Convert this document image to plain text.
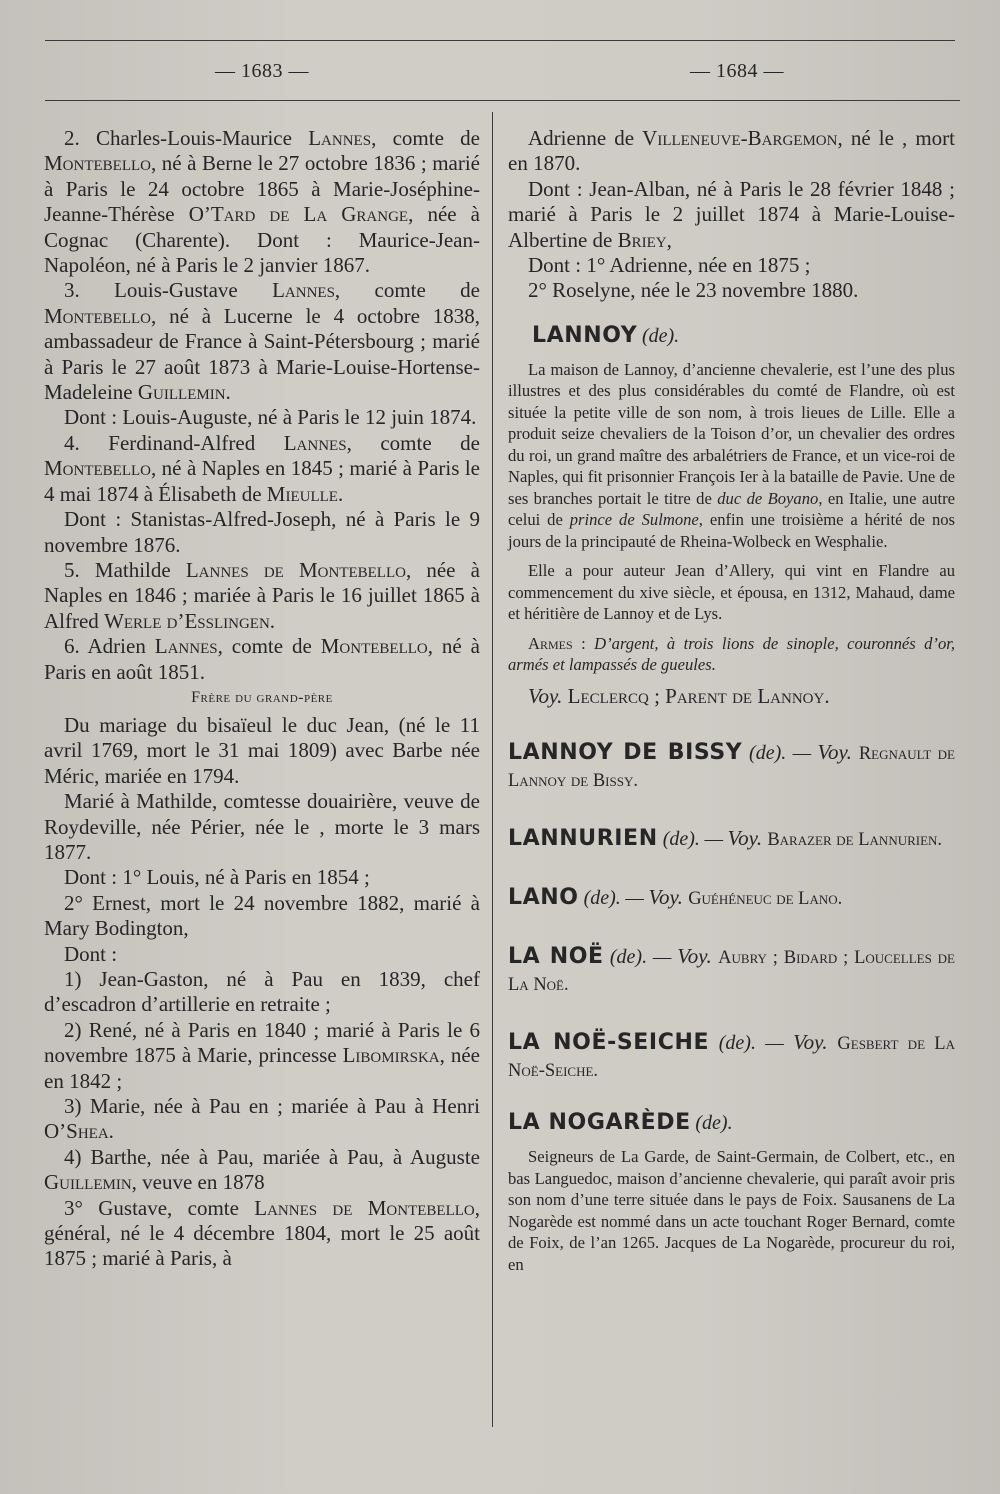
— 1683 —	— 1684 —

2. Charles-Louis-Maurice Lannes, comte de Montebello, né à Berne le 27 octobre 1836 ; marié à Paris le 24 octobre 1865 à Marie-Joséphine-Jeanne-Thérèse O’Tard de La Grange, née à Cognac (Charente). Dont : Maurice-Jean-Napoléon, né à Paris le 2 janvier 1867.

3. Louis-Gustave Lannes, comte de Montebello, né à Lucerne le 4 octobre 1838, ambassadeur de France à Saint-Pétersbourg ; marié à Paris le 27 août 1873 à Marie-Louise-Hortense-Madeleine Guillemin.

Dont : Louis-Auguste, né à Paris le 12 juin 1874.

4. Ferdinand-Alfred Lannes, comte de Montebello, né à Naples en 1845 ; marié à Paris le 4 mai 1874 à Élisabeth de Mieulle.

Dont : Stanistas-Alfred-Joseph, né à Paris le 9 novembre 1876.

5. Mathilde Lannes de Montebello, née à Naples en 1846 ; mariée à Paris le 16 juillet 1865 à Alfred Werle d’Esslingen.

6. Adrien Lannes, comte de Montebello, né à Paris en août 1851.

Frère du grand-père

Du mariage du bisaïeul le duc Jean, (né le 11 avril 1769, mort le 31 mai 1809) avec Barbe née Méric, mariée en 1794.

Marié à Mathilde, comtesse douairière, veuve de Roydeville, née Périer, née le , morte le 3 mars 1877.

Dont : 1° Louis, né à Paris en 1854 ;

2° Ernest, mort le 24 novembre 1882, marié à Mary Bodington,

Dont :

1) Jean-Gaston, né à Pau en 1839, chef d’escadron d’artillerie en retraite ;

2) René, né à Paris en 1840 ; marié à Paris le 6 novembre 1875 à Marie, princesse Libomirska, née en 1842 ;

3) Marie, née à Pau en ; mariée à Pau à Henri O’Shea.

4) Barthe, née à Pau, mariée à Pau, à Auguste Guillemin, veuve en 1878

3° Gustave, comte Lannes de Montebello, général, né le 4 décembre 1804, mort le 25 août 1875 ; marié à Paris, à

Adrienne de Villeneuve-Bargemon, né le , mort en 1870.

Dont : Jean-Alban, né à Paris le 28 février 1848 ; marié à Paris le 2 juillet 1874 à Marie-Louise-Albertine de Briey,

Dont : 1° Adrienne, née en 1875 ;

2° Roselyne, née le 23 novembre 1880.

LANNOY (de).

La maison de Lannoy, d’ancienne chevalerie, est l’une des plus illustres et des plus considérables du comté de Flandre, où est située la petite ville de son nom, à trois lieues de Lille. Elle a produit seize chevaliers de la Toison d’or, un chevalier des ordres du roi, un grand maître des arbalétriers de France, et un vice-roi de Naples, qui fit prisonnier François Ier à la bataille de Pavie. Une de ses branches portait le titre de duc de Boyano, en Italie, une autre celui de prince de Sulmone, enfin une troisième a hérité de nos jours de la principauté de Rheina-Wolbeck en Wesphalie.

Elle a pour auteur Jean d’Allery, qui vint en Flandre au commencement du xive siècle, et épousa, en 1312, Mahaud, dame et héritière de Lannoy et de Lys.

Armes : D’argent, à trois lions de sinople, couronnés d’or, armés et lampassés de gueules.

Voy. Leclercq ; Parent de Lannoy.

LANNOY DE BISSY (de). — Voy. Regnault de Lannoy de Bissy.
LANNURIEN (de). — Voy. Barazer de Lannurien.
LANO (de). — Voy. Guéhéneuc de Lano.
LA NOË (de). — Voy. Aubry ; Bidard ; Loucelles de La Noë.
LA NOË-SEICHE (de). — Voy. Gesbert de La Noë-Seiche.
LA NOGARÈDE (de).

Seigneurs de La Garde, de Saint-Germain, de Colbert, etc., en bas Languedoc, maison d’ancienne chevalerie, qui paraît avoir pris son nom d’une terre située dans le pays de Foix. Sausanens de La Nogarède est nommé dans un acte touchant Roger Bernard, comte de Foix, de l’an 1265. Jacques de La Nogarède, procureur du roi, en
